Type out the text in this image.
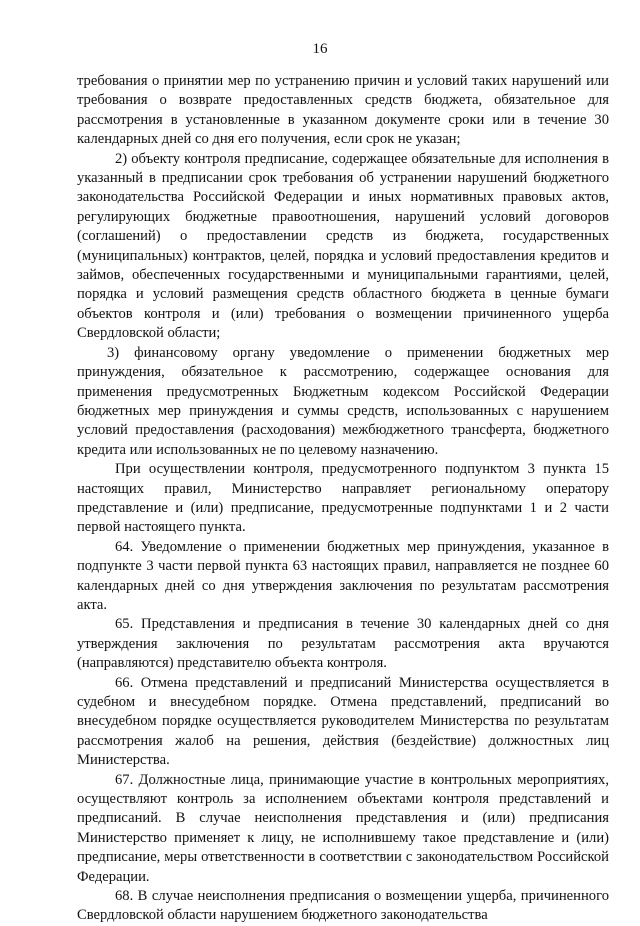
16

требования о принятии мер по устранению причин и условий таких нарушений или требования о возврате предоставленных средств бюджета, обязательное для рассмотрения в установленные в указанном документе сроки или в течение 30 календарных дней со дня его получения, если срок не указан;

2) объекту контроля предписание, содержащее обязательные для исполнения в указанный в предписании срок требования об устранении нарушений бюджетного законодательства Российской Федерации и иных нормативных правовых актов, регулирующих бюджетные правоотношения, нарушений условий договоров (соглашений) о предоставлении средств из бюджета, государственных (муниципальных) контрактов, целей, порядка и условий предоставления кредитов и займов, обеспеченных государственными и муниципальными гарантиями, целей, порядка и условий размещения средств областного бюджета в ценные бумаги объектов контроля и (или) требования о возмещении причиненного ущерба Свердловской области;

3) финансовому органу уведомление о применении бюджетных мер принуждения, обязательное к рассмотрению, содержащее основания для применения предусмотренных Бюджетным кодексом Российской Федерации бюджетных мер принуждения и суммы средств, использованных с нарушением условий предоставления (расходования) межбюджетного трансферта, бюджетного кредита или использованных не по целевому назначению.

При осуществлении контроля, предусмотренного подпунктом 3 пункта 15 настоящих правил, Министерство направляет региональному оператору представление и (или) предписание, предусмотренные подпунктами 1 и 2 части первой настоящего пункта.

64. Уведомление о применении бюджетных мер принуждения, указанное в подпункте 3 части первой пункта 63 настоящих правил, направляется не позднее 60 календарных дней со дня утверждения заключения по результатам рассмотрения акта.

65. Представления и предписания в течение 30 календарных дней со дня утверждения заключения по результатам рассмотрения акта вручаются (направляются) представителю объекта контроля.

66. Отмена представлений и предписаний Министерства осуществляется в судебном и внесудебном порядке. Отмена представлений, предписаний во внесудебном порядке осуществляется руководителем Министерства по результатам рассмотрения жалоб на решения, действия (бездействие) должностных лиц Министерства.

67. Должностные лица, принимающие участие в контрольных мероприятиях, осуществляют контроль за исполнением объектами контроля представлений и предписаний. В случае неисполнения представления и (или) предписания Министерство применяет к лицу, не исполнившему такое представление и (или) предписание, меры ответственности в соответствии с законодательством Российской Федерации.

68. В случае неисполнения предписания о возмещении ущерба, причиненного Свердловской области нарушением бюджетного законодательства
